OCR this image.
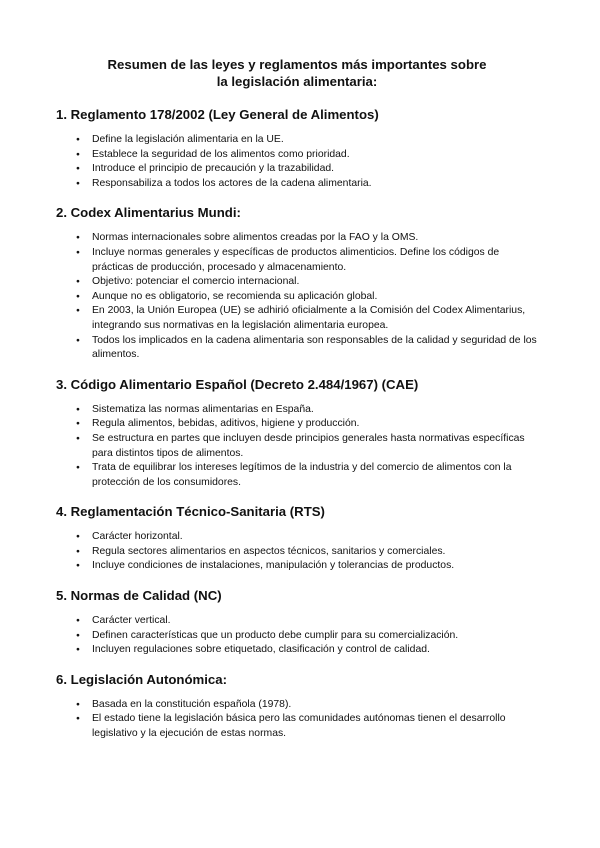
Resumen de las leyes y reglamentos más importantes sobre
la legislación alimentaria:
1. Reglamento 178/2002 (Ley General de Alimentos)
● Define la legislación alimentaria en la UE.
● Establece la seguridad de los alimentos como prioridad.
● Introduce el principio de precaución y la trazabilidad.
● Responsabiliza a todos los actores de la cadena alimentaria.
2. Codex Alimentarius Mundi:
● Normas internacionales sobre alimentos creadas por la FAO y la OMS.
● Incluye normas generales y específicas de productos alimenticios. Define los códigos de prácticas de producción, procesado y almacenamiento.
● Objetivo: potenciar el comercio internacional.
● Aunque no es obligatorio, se recomienda su aplicación global.
● En 2003, la Unión Europea (UE) se adhirió oficialmente a la Comisión del Codex Alimentarius, integrando sus normativas en la legislación alimentaria europea.
● Todos los implicados en la cadena alimentaria son responsables de la calidad y seguridad de los alimentos.
3. Código Alimentario Español (Decreto 2.484/1967) (CAE)
● Sistematiza las normas alimentarias en España.
● Regula alimentos, bebidas, aditivos, higiene y producción.
● Se estructura en partes que incluyen desde principios generales hasta normativas específicas para distintos tipos de alimentos.
● Trata de equilibrar los intereses legítimos de la industria y del comercio de alimentos con la protección de los consumidores.
4. Reglamentación Técnico-Sanitaria (RTS)
● Carácter horizontal.
● Regula sectores alimentarios en aspectos técnicos, sanitarios y comerciales.
● Incluye condiciones de instalaciones, manipulación y tolerancias de productos.
5. Normas de Calidad (NC)
● Carácter vertical.
● Definen características que un producto debe cumplir para su comercialización.
● Incluyen regulaciones sobre etiquetado, clasificación y control de calidad.
6. Legislación Autonómica:
● Basada en la constitución española (1978).
● El estado tiene la legislación básica pero las comunidades autónomas tienen el desarrollo legislativo y la ejecución de estas normas.
